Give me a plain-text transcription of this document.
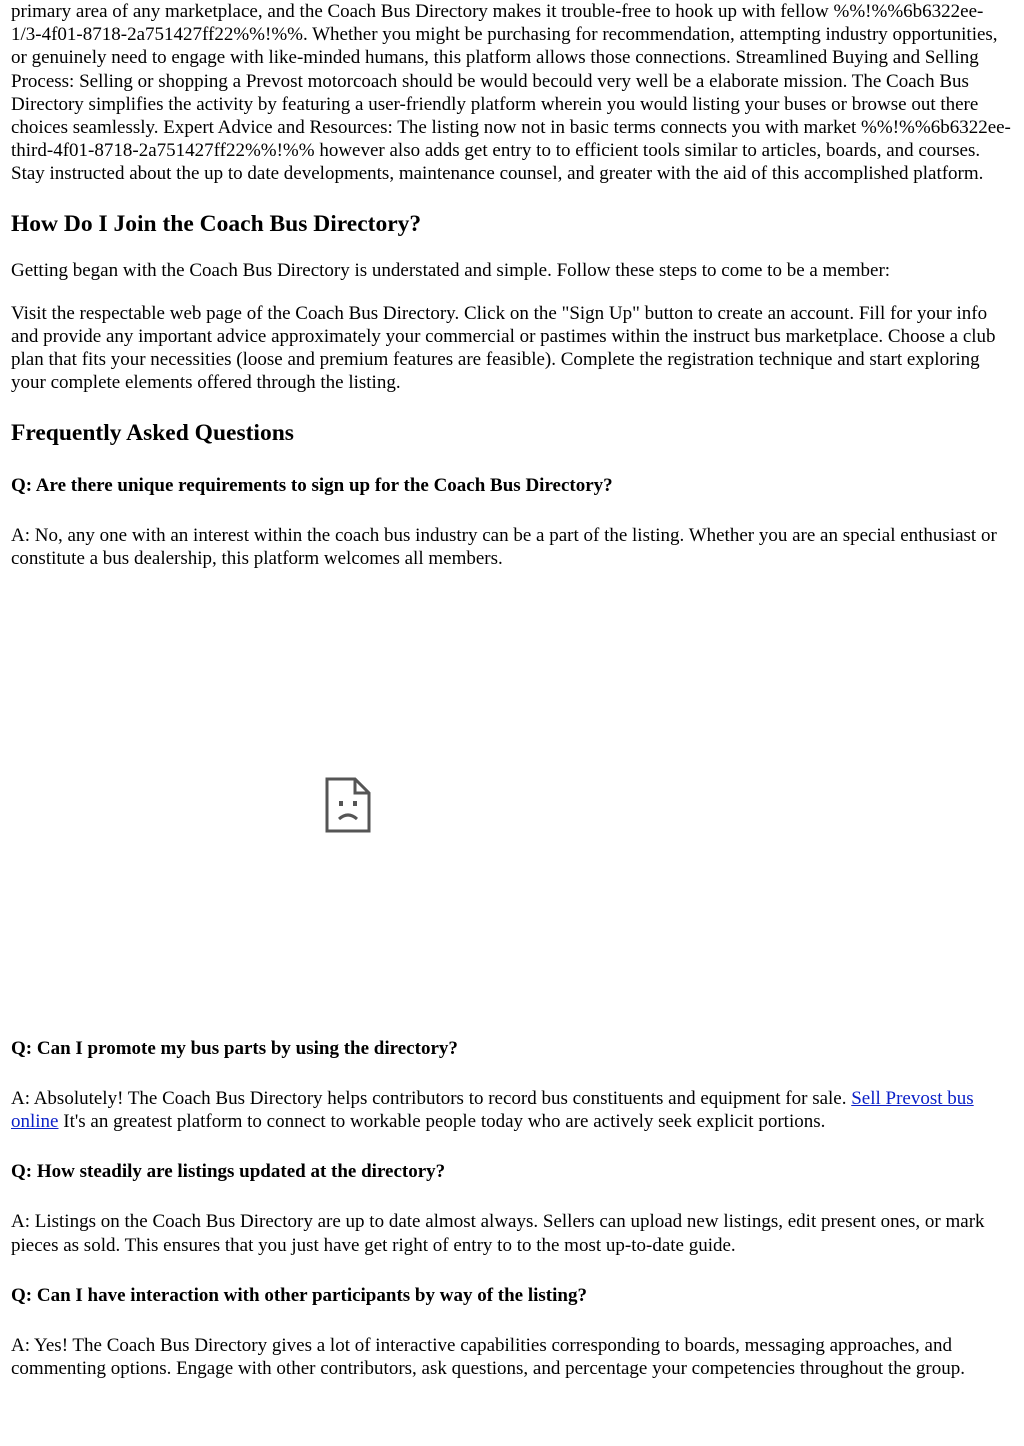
primary area of any marketplace, and the Coach Bus Directory makes it trouble-free to hook up with fellow %%!%%6b6322ee-1/3-4f01-8718-2a751427ff22%%!%%. Whether you might be purchasing for recommendation, attempting industry opportunities, or genuinely need to engage with like-minded humans, this platform allows those connections. Streamlined Buying and Selling Process: Selling or shopping a Prevost motorcoach should be would becould very well be a elaborate mission. The Coach Bus Directory simplifies the activity by featuring a user-friendly platform wherein you would listing your buses or browse out there choices seamlessly. Expert Advice and Resources: The listing now not in basic terms connects you with market %%!%%6b6322ee-third-4f01-8718-2a751427ff22%%!%% however also adds get entry to to efficient tools similar to articles, boards, and courses. Stay instructed about the up to date developments, maintenance counsel, and greater with the aid of this accomplished platform.

How Do I Join the Coach Bus Directory?

Getting began with the Coach Bus Directory is understated and simple. Follow these steps to come to be a member:

Visit the respectable web page of the Coach Bus Directory. Click on the "Sign Up" button to create an account. Fill for your info and provide any important advice approximately your commercial or pastimes within the instruct bus marketplace. Choose a club plan that fits your necessities (loose and premium features are feasible). Complete the registration technique and start exploring your complete elements offered through the listing.

Frequently Asked Questions
Q: Are there unique requirements to sign up for the Coach Bus Directory?

A: No, any one with an interest within the coach bus industry can be a part of the listing. Whether you are an special enthusiast or constitute a bus dealership, this platform welcomes all members.

Q: Can I promote my bus parts by using the directory?

A: Absolutely! The Coach Bus Directory helps contributors to record bus constituents and equipment for sale. Sell Prevost bus online It's an greatest platform to connect to workable people today who are actively seek explicit portions.

Q: How steadily are listings updated at the directory?

A: Listings on the Coach Bus Directory are up to date almost always. Sellers can upload new listings, edit present ones, or mark pieces as sold. This ensures that you just have get right of entry to to the most up-to-date guide.

Q: Can I have interaction with other participants by way of the listing?

A: Yes! The Coach Bus Directory gives a lot of interactive capabilities corresponding to boards, messaging approaches, and commenting options. Engage with other contributors, ask questions, and percentage your competencies throughout the group.
